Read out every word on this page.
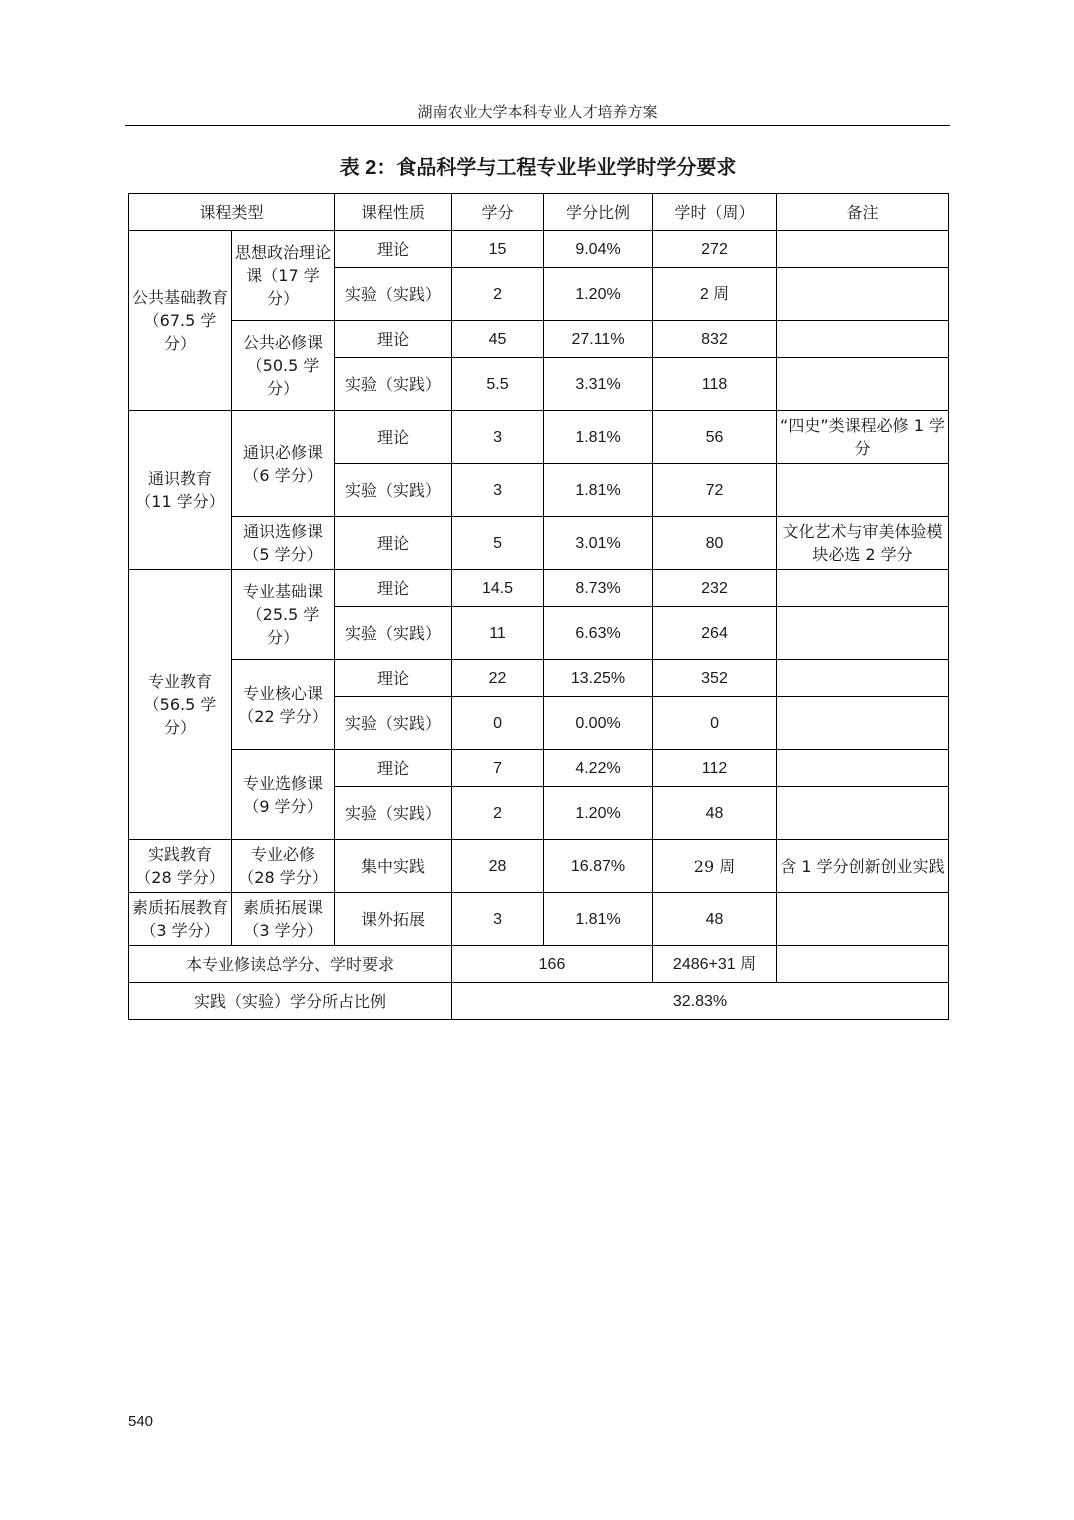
湖南农业大学本科专业人才培养方案
表 2：食品科学与工程专业毕业学时学分要求
课程类型		课程性质	学分	学分比例	学时（周）	备注
公共基础教育（67.5 学分）	思想政治理论课（17 学分）	理论	15	9.04%	272	
		实验（实践）	2	1.20%	2 周	
	公共必修课（50.5 学分）	理论	45	27.11%	832	
		实验（实践）	5.5	3.31%	118	
通识教育（11 学分）	通识必修课（6 学分）	理论	3	1.81%	56	“四史”类课程必修 1 学分
		实验（实践）	3	1.81%	72	
	通识选修课（5 学分）	理论	5	3.01%	80	文化艺术与审美体验模块必选 2 学分
专业教育（56.5 学分）	专业基础课（25.5 学分）	理论	14.5	8.73%	232	
		实验（实践）	11	6.63%	264	
	专业核心课（22 学分）	理论	22	13.25%	352	
		实验（实践）	0	0.00%	0	
	专业选修课（9 学分）	理论	7	4.22%	112	
		实验（实践）	2	1.20%	48	
实践教育（28 学分）	专业必修（28 学分）	集中实践	28	16.87%	29 周	含 1 学分创新创业实践
素质拓展教育（3 学分）	素质拓展课（3 学分）	课外拓展	3	1.81%	48	
本专业修读总学分、学时要求			166		2486+31 周	
实践（实验）学分所占比例			32.83%			
540
